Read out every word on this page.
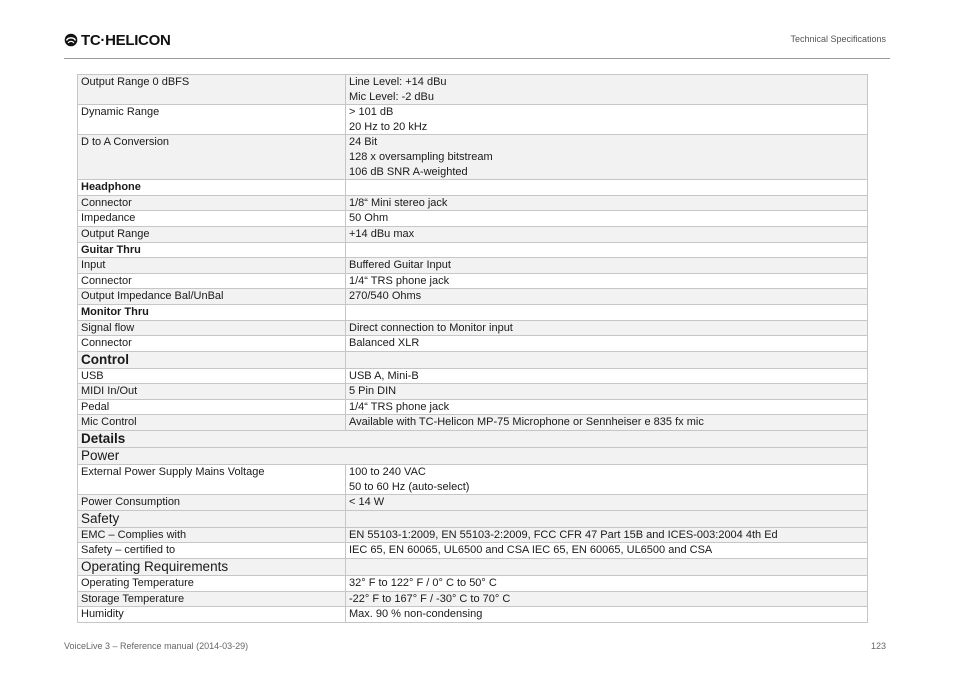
TC·HELICON	Technical Specifications
Output Range 0 dBFS	Line Level: +14 dBu
Mic Level: -2 dBu

Dynamic Range	> 101 dB
20 Hz to 20 kHz

D to A Conversion	24 Bit
128 x oversampling bitstream
106 dB SNR A-weighted

Headphone	
Connector	1/8“ Mini stereo jack

Impedance	50 Ohm

Output Range	+14 dBu max

Guitar Thru	
Input	Buffered Guitar Input

Connector	1/4“ TRS phone jack

Output Impedance Bal/UnBal	270/540 Ohms

Monitor Thru	
Signal flow	Direct connection to Monitor input

Connector	Balanced XLR

Control	
USB	USB A, Mini-B

MIDI In/Out	5 Pin DIN

Pedal	1/4“ TRS phone jack

Mic Control	Available with TC-Helicon MP-75 Microphone or Sennheiser e 835 fx mic

Details	
Power	
External Power Supply Mains Voltage	100 to 240 VAC
50 to 60 Hz (auto-select)

Power Consumption	< 14 W

Safety	
EMC – Complies with	EN 55103-1:2009, EN 55103-2:2009, FCC CFR 47 Part 15B and ICES-003:2004 4th Ed

Safety – certified to	IEC 65, EN 60065, UL6500 and CSA IEC 65, EN 60065, UL6500 and CSA

Operating Requirements	
Operating Temperature	32° F to 122° F / 0° C to 50° C

Storage Temperature	-22° F to 167° F / -30° C to 70° C

Humidity	Max. 90 % non-condensing
VoiceLive 3 – Reference manual (2014-03-29)	123
